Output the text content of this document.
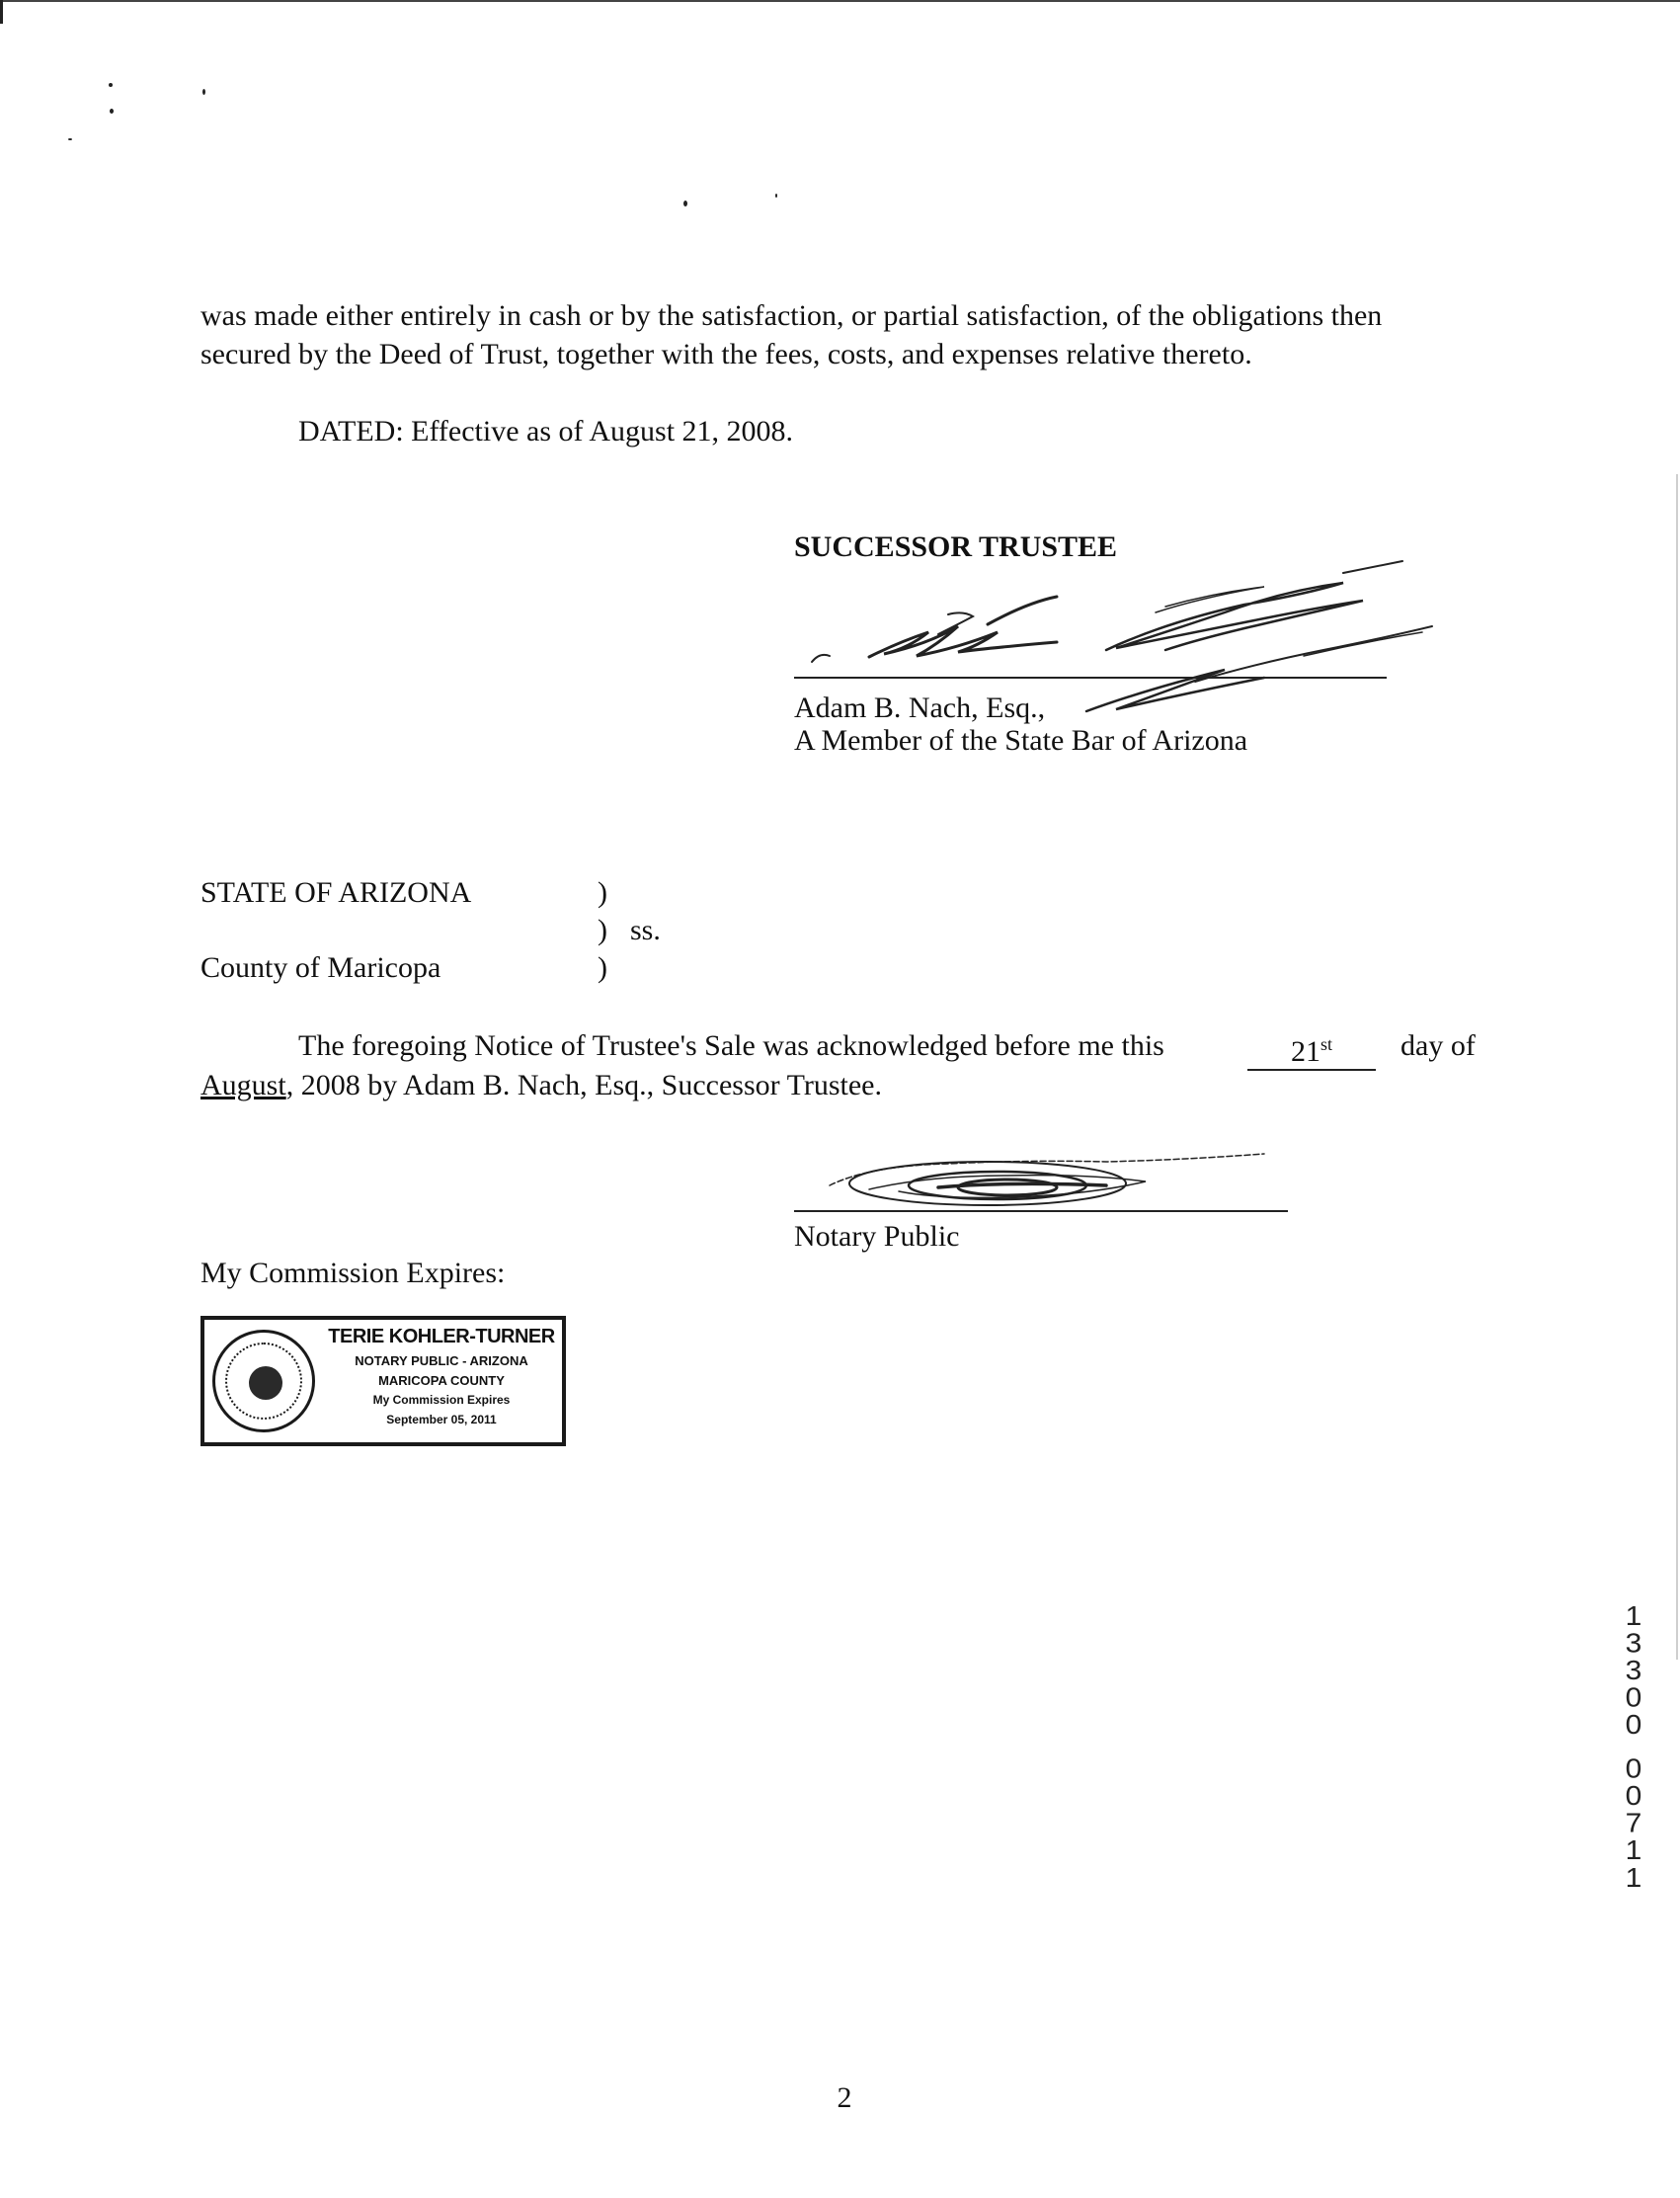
was made either entirely in cash or by the satisfaction, or partial satisfaction, of the obligations then
secured by the Deed of Trust, together with the fees, costs, and expenses relative thereto.
DATED: Effective as of August 21, 2008.
SUCCESSOR TRUSTEE
Adam B. Nach, Esq.,
A Member of the State Bar of Arizona
STATE OF ARIZONA
County of Maricopa
)
)
)
ss.
The foregoing Notice of Trustee's Sale was acknowledged before me this	21st	day of
August, 2008 by Adam B. Nach, Esq., Successor Trustee.
Notary Public
My Commission Expires:
TERIE KOHLER-TURNER
NOTARY PUBLIC - ARIZONA
MARICOPA COUNTY
My Commission Expires
September 05, 2011
1
3
3
0
0
0
0
7
1
1
2
